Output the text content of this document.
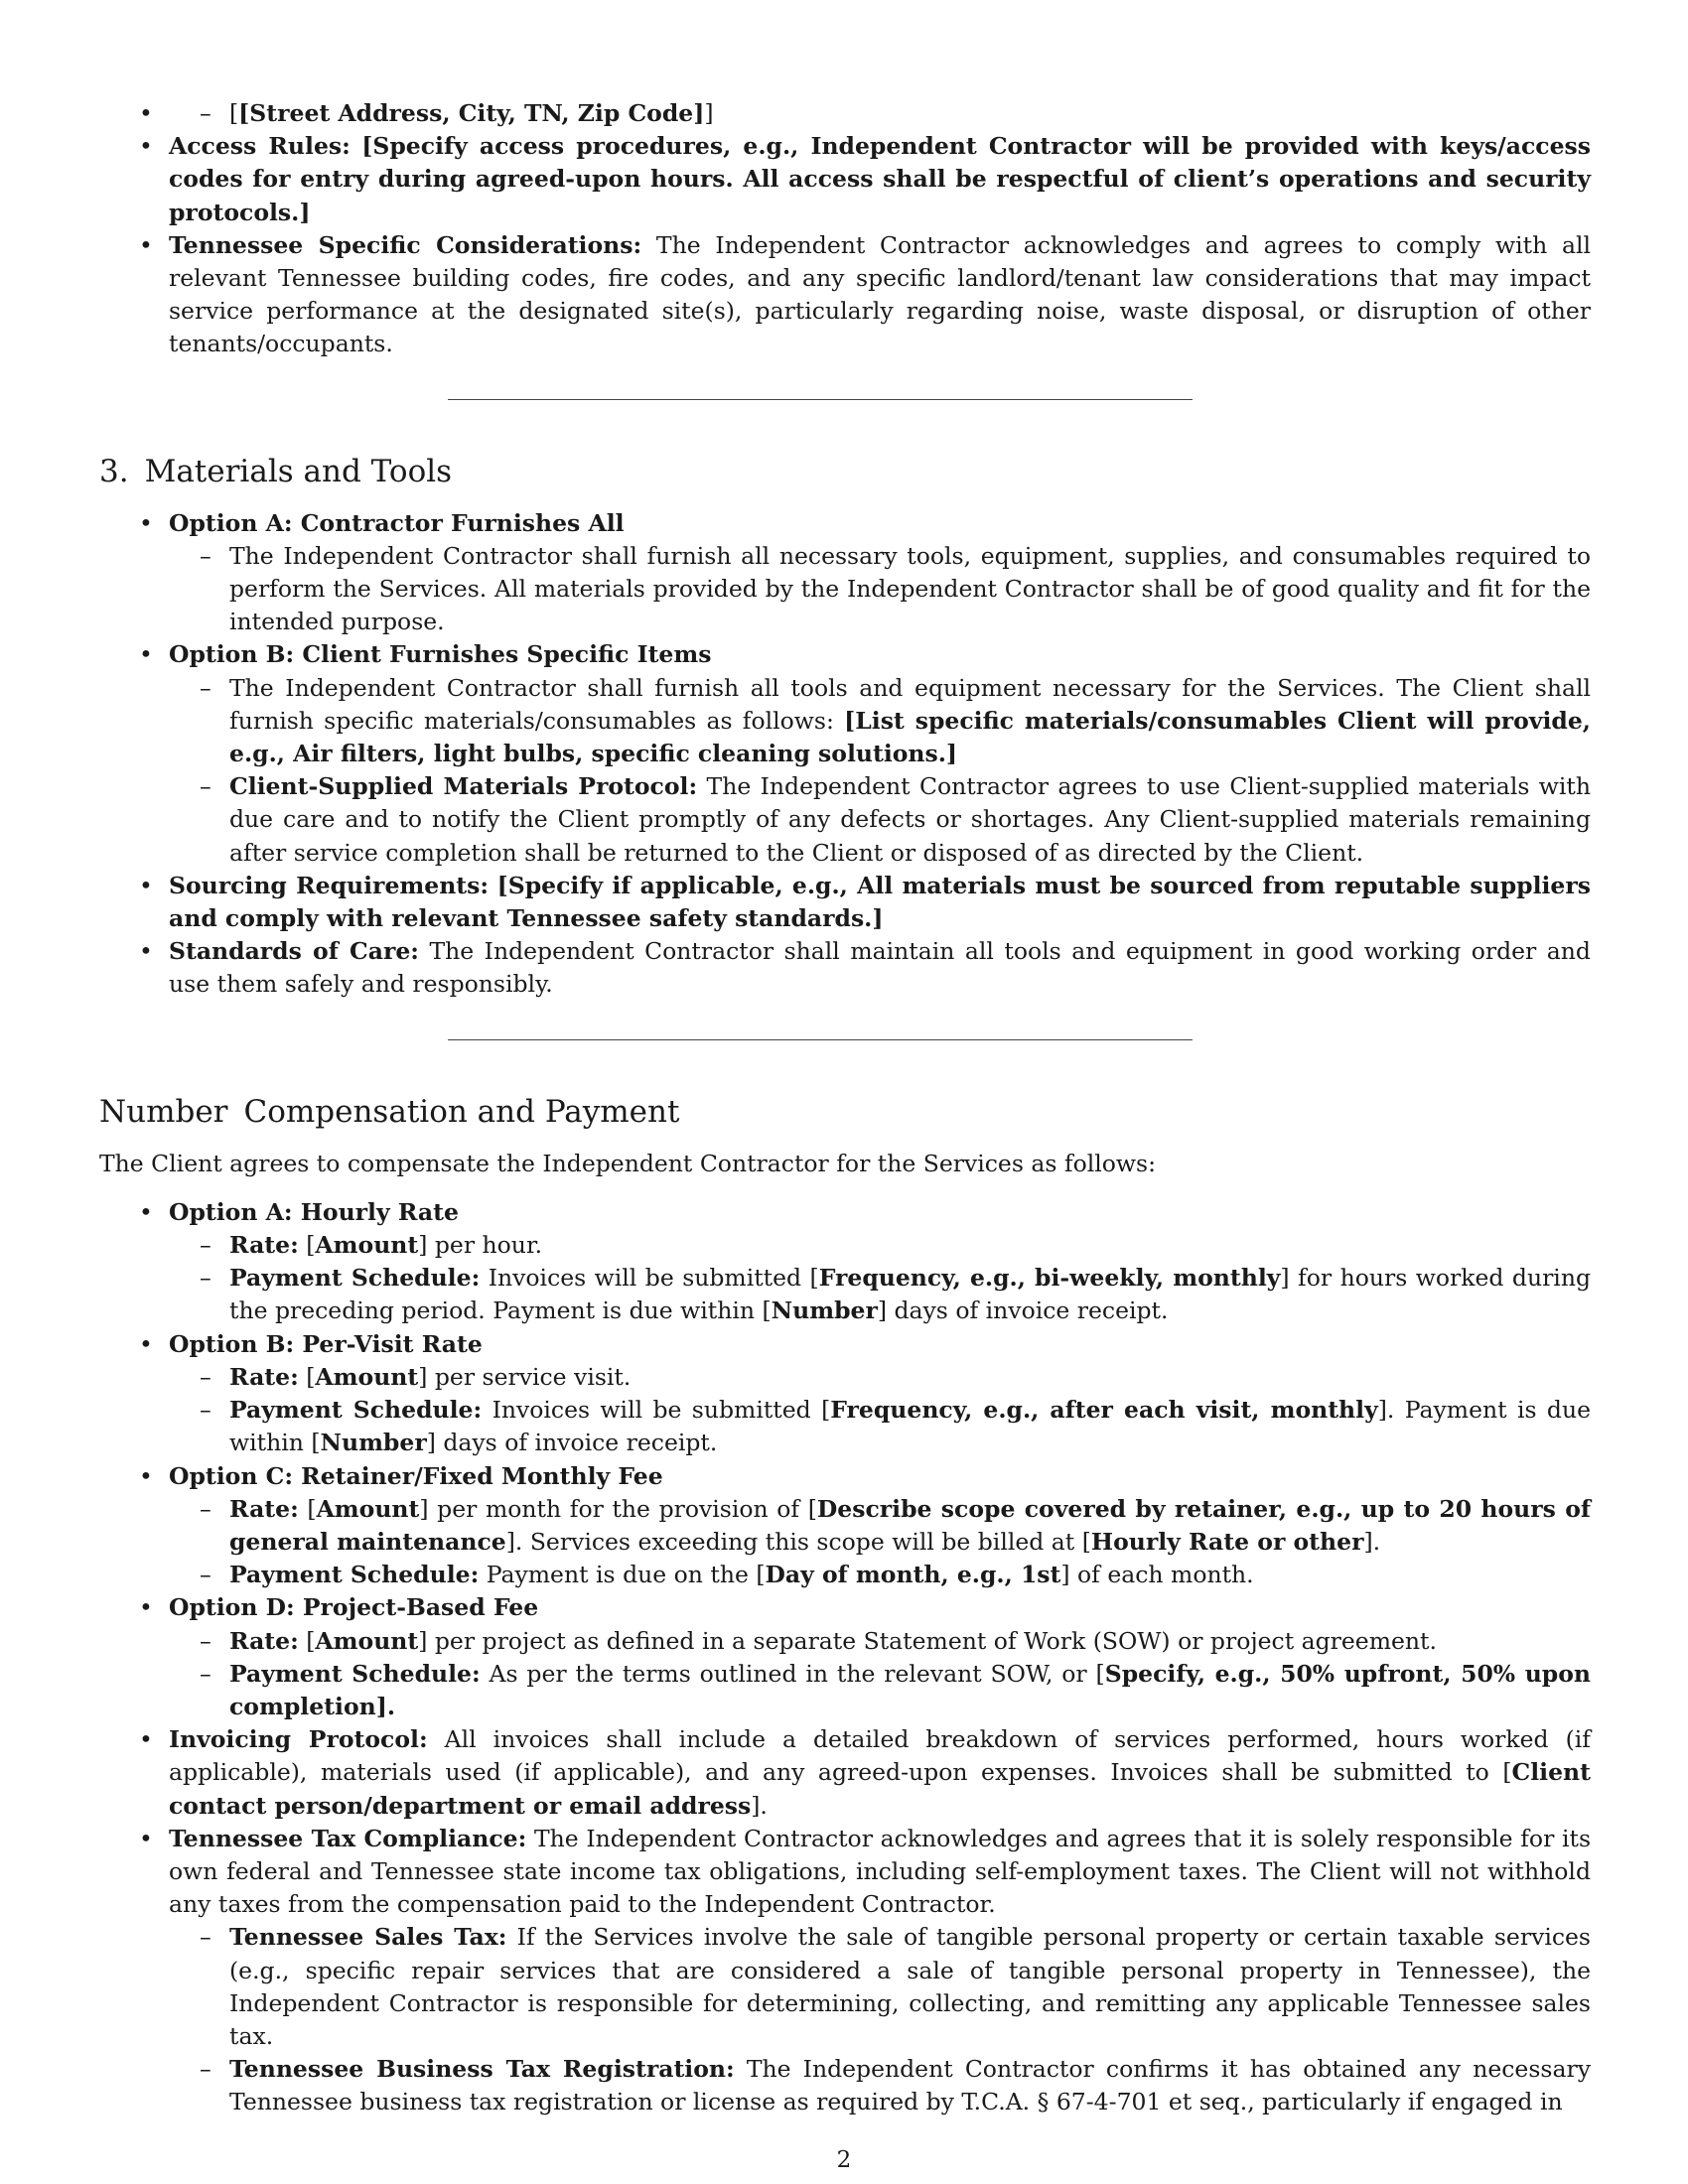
– • [[Street Address, City, TN, Zip Code]]
• Access Rules: [Specify access procedures, e.g., Independent Contractor will be provided with keys/access codes for entry during agreed-upon hours. All access shall be respectful of client’s operations and security protocols.]
• Tennessee Specific Considerations: The Independent Contractor acknowledges and agrees to comply with all relevant Tennessee building codes, fire codes, and any specific landlord/tenant law considerations that may impact service performance at the designated site(s), particularly regarding noise, waste disposal, or disruption of other tenants/occupants.
3. Materials and Tools
• Option A: Contractor Furnishes All
– The Independent Contractor shall furnish all necessary tools, equipment, supplies, and consumables required to perform the Services. All materials provided by the Independent Contractor shall be of good quality and fit for the intended purpose.
• Option B: Client Furnishes Specific Items
– The Independent Contractor shall furnish all tools and equipment necessary for the Services. The Client shall furnish specific materials/consumables as follows: [List specific materials/consumables Client will provide, e.g., Air filters, light bulbs, specific cleaning solutions.]
– Client-Supplied Materials Protocol: The Independent Contractor agrees to use Client-supplied materials with due care and to notify the Client promptly of any defects or shortages. Any Client-supplied materials remaining after service completion shall be returned to the Client or disposed of as directed by the Client.
• Sourcing Requirements: [Specify if applicable, e.g., All materials must be sourced from reputable suppliers and comply with relevant Tennessee safety standards.]
• Standards of Care: The Independent Contractor shall maintain all tools and equipment in good working order and use them safely and responsibly.
Number Compensation and Payment

The Client agrees to compensate the Independent Contractor for the Services as follows:

• Option A: Hourly Rate
– Rate: [Amount] per hour.
– Payment Schedule: Invoices will be submitted [Frequency, e.g., bi-weekly, monthly] for hours worked during the preceding period. Payment is due within [Number] days of invoice receipt.
• Option B: Per-Visit Rate
– Rate: [Amount] per service visit.
– Payment Schedule: Invoices will be submitted [Frequency, e.g., after each visit, monthly]. Payment is due within [Number] days of invoice receipt.
• Option C: Retainer/Fixed Monthly Fee
– Rate: [Amount] per month for the provision of [Describe scope covered by retainer, e.g., up to 20 hours of general maintenance]. Services exceeding this scope will be billed at [Hourly Rate or other].
– Payment Schedule: Payment is due on the [Day of month, e.g., 1st] of each month.
• Option D: Project-Based Fee
– Rate: [Amount] per project as defined in a separate Statement of Work (SOW) or project agreement.
– Payment Schedule: As per the terms outlined in the relevant SOW, or [Specify, e.g., 50% upfront, 50% upon completion].
• Invoicing Protocol: All invoices shall include a detailed breakdown of services performed, hours worked (if applicable), materials used (if applicable), and any agreed-upon expenses. Invoices shall be submitted to [Client contact person/department or email address].
• Tennessee Tax Compliance: The Independent Contractor acknowledges and agrees that it is solely responsible for its own federal and Tennessee state income tax obligations, including self-employment taxes. The Client will not withhold any taxes from the compensation paid to the Independent Contractor.
– Tennessee Sales Tax: If the Services involve the sale of tangible personal property or certain taxable services (e.g., specific repair services that are considered a sale of tangible personal property in Tennessee), the Independent Contractor is responsible for determining, collecting, and remitting any applicable Tennessee sales tax.
– Tennessee Business Tax Registration: The Independent Contractor confirms it has obtained any necessary Tennessee business tax registration or license as required by T.C.A. § 67-4-701 et seq., particularly if engaged in
2
